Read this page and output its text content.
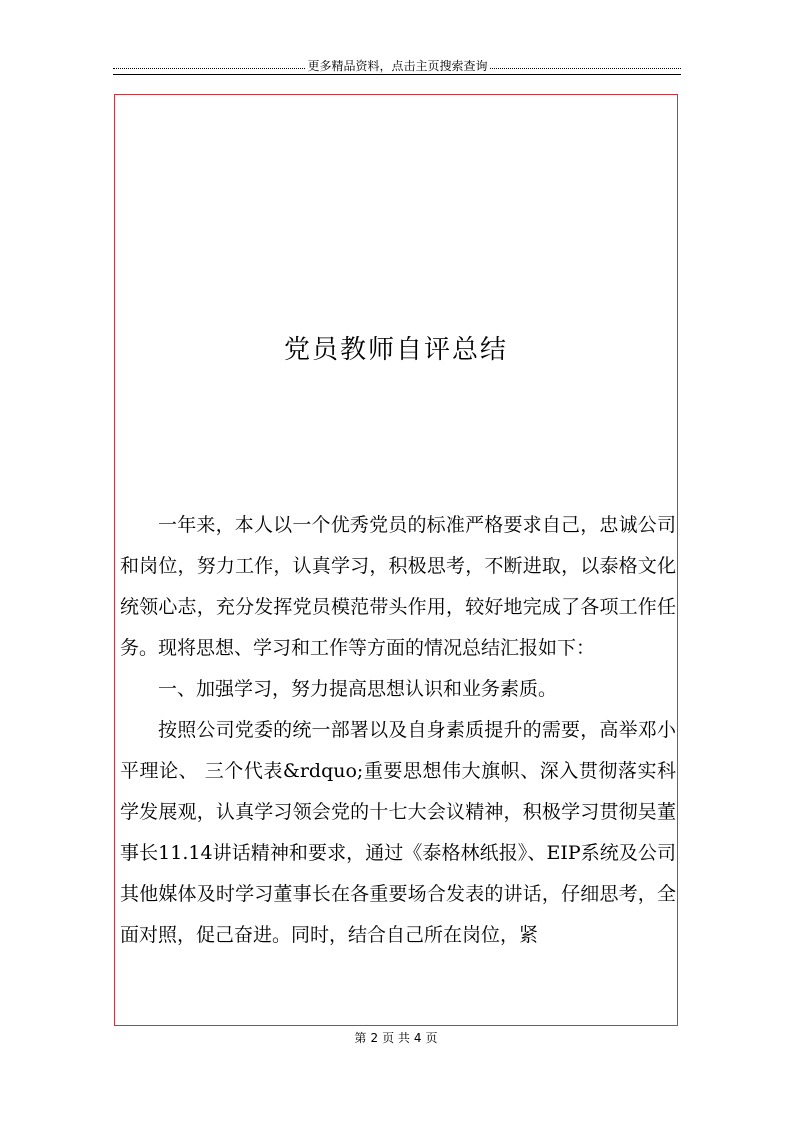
更多精品资料，点击主页搜索查询
党员教师自评总结

一年来，本人以一个优秀党员的标准严格要求自己，忠诚公司和岗位，努力工作，认真学习，积极思考，不断进取，以泰格文化统领心志，充分发挥党员模范带头作用，较好地完成了各项工作任务。现将思想、学习和工作等方面的情况总结汇报如下：

一、加强学习，努力提高思想认识和业务素质。

按照公司党委的统一部署以及自身素质提升的需要，高举邓小平理论、 三个代表&rdquo;重要思想伟大旗帜、深入贯彻落实科学发展观，认真学习领会党的十七大会议精神，积极学习贯彻吴董事长11.14讲话精神和要求，通过《泰格林纸报》、EIP系统及公司其他媒体及时学习董事长在各重要场合发表的讲话，仔细思考，全面对照，促己奋进。同时，结合自己所在岗位，紧

第 2 页 共 4 页
